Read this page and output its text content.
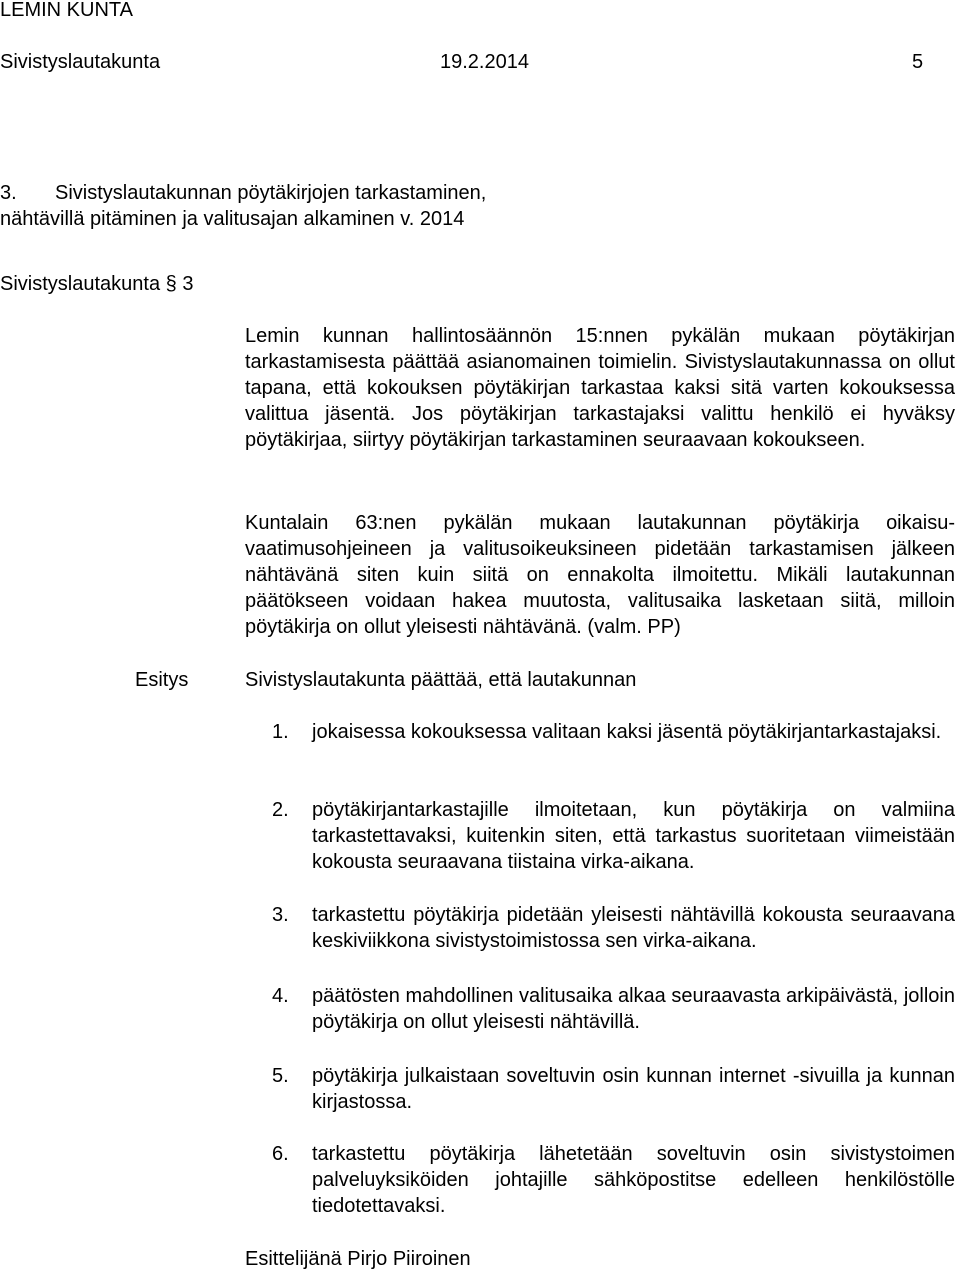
LEMIN KUNTA
Sivistyslautakunta	19.2.2014	5
3. Sivistyslautakunnan pöytäkirjojen tarkastaminen,
nähtävillä pitäminen ja valitusajan alkaminen v. 2014
Sivistyslautakunta § 3

Lemin kunnan hallintosäännön 15:nnen pykälän mukaan pöytäkirjan tarkastamisesta päättää asianomainen toimielin. Sivistyslautakunnassa on ollut tapana, että kokouksen pöytäkirjan tarkastaa kaksi sitä varten kokouksessa valittua jäsentä. Jos pöytäkirjan tarkastajaksi valittu henkilö ei hyväksy pöytäkirjaa, siirtyy pöytäkirjan tarkastaminen seuraavaan kokoukseen.

Kuntalain 63:nen pykälän mukaan lautakunnan pöytäkirja oikaisuvaatimusohjeineen ja valitusoikeuksineen pidetään tarkastamisen jälkeen nähtävänä siten kuin siitä on ennakolta ilmoitettu. Mikäli lautakunnan päätökseen voidaan hakea muutosta, valitusaika lasketaan siitä, milloin pöytäkirja on ollut yleisesti nähtävänä. (valm. PP)

Esitys	Sivistyslautakunta päättää, että lautakunnan
1. jokaisessa kokouksessa valitaan kaksi jäsentä pöytäkirjantarkastajaksi.

2. pöytäkirjantarkastajille ilmoitetaan, kun pöytäkirja on valmiina tarkastettavaksi, kuitenkin siten, että tarkastus suoritetaan viimeistään kokousta seuraavana tiistaina virka-aikana.

3. tarkastettu pöytäkirja pidetään yleisesti nähtävillä kokousta seuraavana keskiviikkona sivistystoimistossa sen virka-aikana.

4. päätösten mahdollinen valitusaika alkaa seuraavasta arkipäivästä, jolloin pöytäkirja on ollut yleisesti nähtävillä.

5. pöytäkirja julkaistaan soveltuvin osin kunnan internet -sivuilla ja kunnan kirjastossa.

6. tarkastettu pöytäkirja lähetetään soveltuvin osin sivistystoimen palveluyksiköiden johtajille sähköpostitse edelleen henkilöstölle tiedotettavaksi.

Esittelijänä Pirjo Piiroinen
